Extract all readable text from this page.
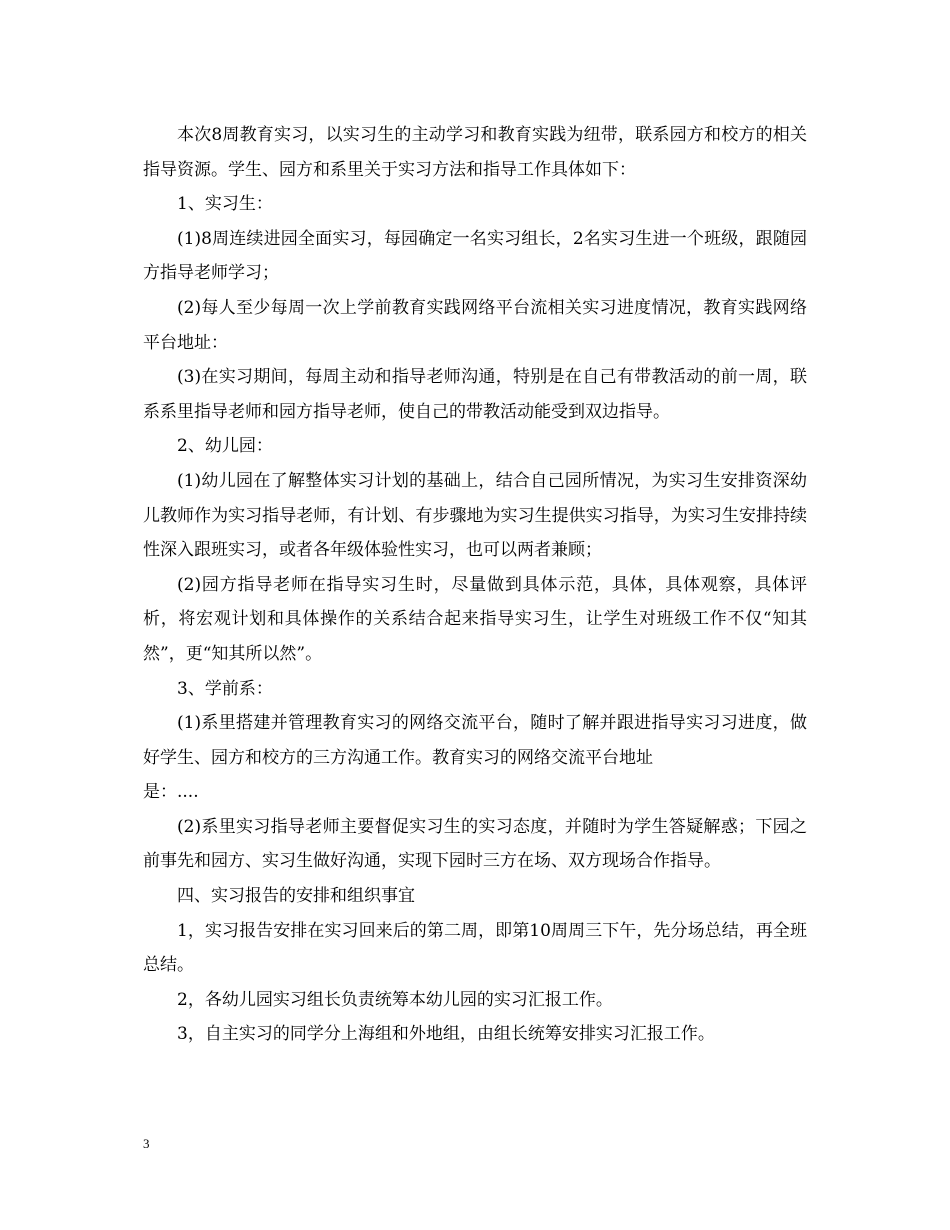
本次8周教育实习，以实习生的主动学习和教育实践为纽带，联系园方和校方的相关指导资源。学生、园方和系里关于实习方法和指导工作具体如下：

1、实习生：

(1)8周连续进园全面实习，每园确定一名实习组长，2名实习生进一个班级，跟随园方指导老师学习；

(2)每人至少每周一次上学前教育实践网络平台流相关实习进度情况，教育实践网络平台地址：

(3)在实习期间，每周主动和指导老师沟通，特别是在自己有带教活动的前一周，联系系里指导老师和园方指导老师，使自己的带教活动能受到双边指导。

2、幼儿园：

(1)幼儿园在了解整体实习计划的基础上，结合自己园所情况，为实习生安排资深幼儿教师作为实习指导老师，有计划、有步骤地为实习生提供实习指导，为实习生安排持续性深入跟班实习，或者各年级体验性实习，也可以两者兼顾；

(2)园方指导老师在指导实习生时，尽量做到具体示范，具体，具体观察，具体评析，将宏观计划和具体操作的关系结合起来指导实习生，让学生对班级工作不仅“知其然”，更“知其所以然”。

3、学前系：

(1)系里搭建并管理教育实习的网络交流平台，随时了解并跟进指导实习习进度，做好学生、园方和校方的三方沟通工作。教育实习的网络交流平台地址

是：....

(2)系里实习指导老师主要督促实习生的实习态度，并随时为学生答疑解惑；下园之前事先和园方、实习生做好沟通，实现下园时三方在场、双方现场合作指导。

四、实习报告的安排和组织事宜

1，实习报告安排在实习回来后的第二周，即第10周周三下午，先分场总结，再全班总结。

2，各幼儿园实习组长负责统筹本幼儿园的实习汇报工作。

3，自主实习的同学分上海组和外地组，由组长统筹安排实习汇报工作。

3
